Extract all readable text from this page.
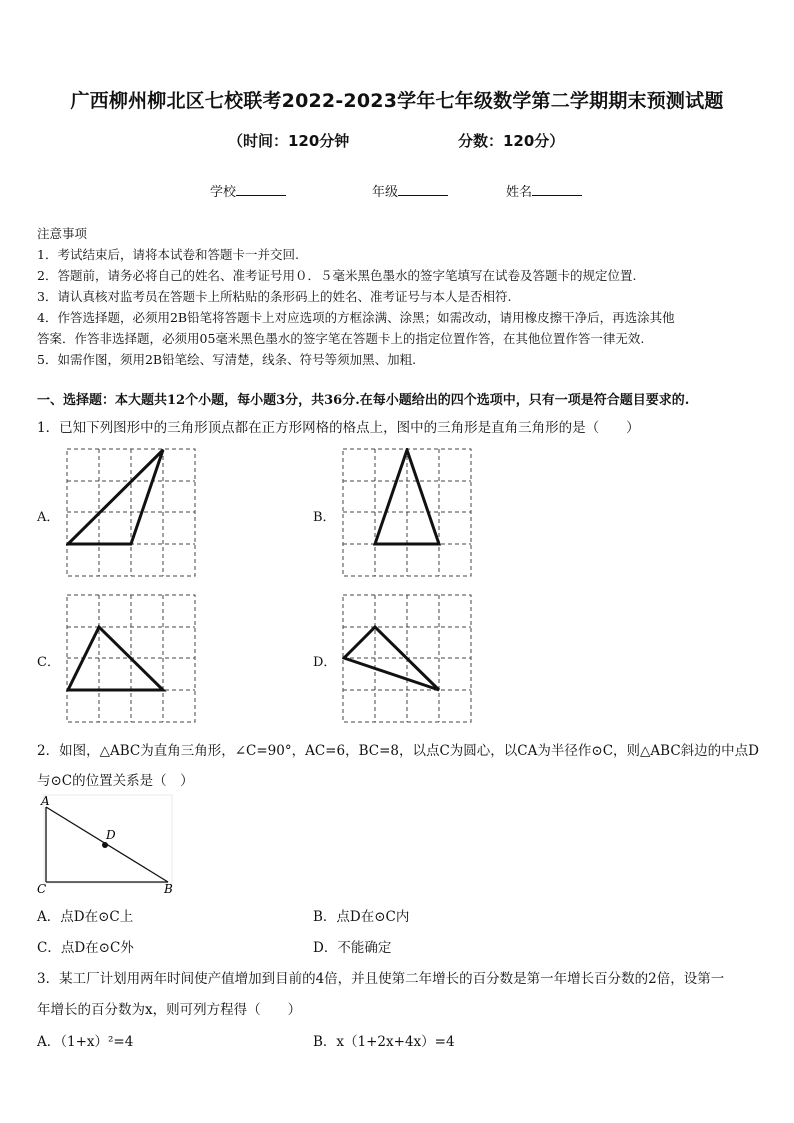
广西柳州柳北区七校联考2022-2023学年七年级数学第二学期期末预测试题
（时间：120分钟	分数：120分）
学校	年级	姓名
注意事项
1．考试结束后，请将本试卷和答题卡一并交回.
2．答题前，请务必将自己的姓名、准考证号用０．５毫米黑色墨水的签字笔填写在试卷及答题卡的规定位置.
3．请认真核对监考员在答题卡上所粘贴的条形码上的姓名、准考证号与本人是否相符.
4．作答选择题，必须用2B铅笔将答题卡上对应选项的方框涂满、涂黑；如需改动，请用橡皮擦干净后，再选涂其他
答案．作答非选择题，必须用05毫米黑色墨水的签字笔在答题卡上的指定位置作答，在其他位置作答一律无效.
5．如需作图，须用2B铅笔绘、写清楚，线条、符号等须加黑、加粗.
一、选择题：本大题共12个小题，每小题3分，共36分.在每小题给出的四个选项中，只有一项是符合题目要求的.
1．已知下列图形中的三角形顶点都在正方形网格的格点上，图中的三角形是直角三角形的是（　　）
A．	B．
C．	D．
2．如图，△ABC为直角三角形，∠C=90°，AC=6，BC=8，以点C为圆心，以CA为半径作⊙C，则△ABC斜边的中点D
与⊙C的位置关系是（　）
A
D
C	B
A．点D在⊙C上	B．点D在⊙C内
C．点D在⊙C外	D．不能确定
3．某工厂计划用两年时间使产值增加到目前的4倍，并且使第二年增长的百分数是第一年增长百分数的2倍，设第一
年增长的百分数为x，则可列方程得（　　）
A．（1+x）²=4	B．x（1+2x+4x）=4
